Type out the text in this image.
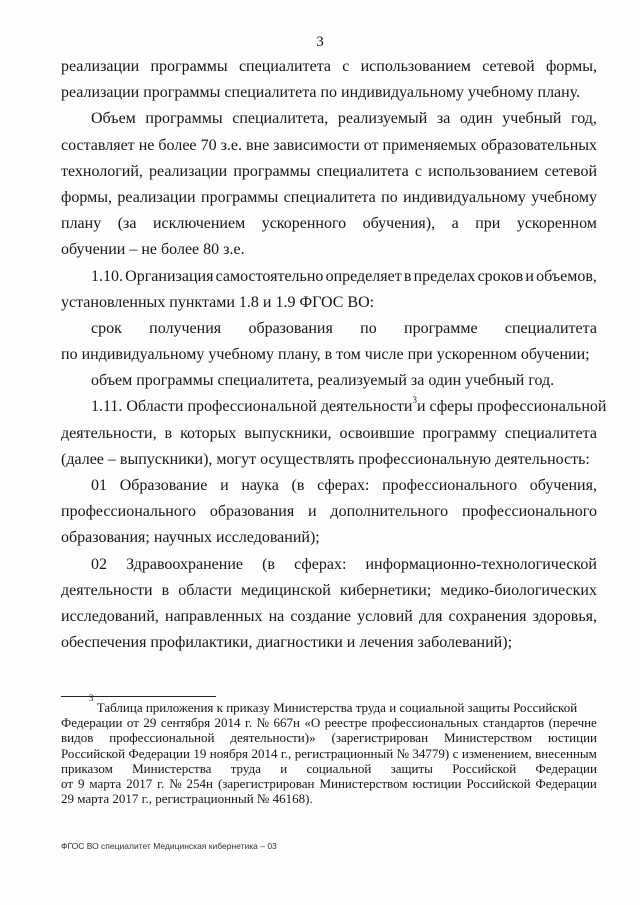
3
реализации программы специалитета с использованием сетевой формы,
реализации программы специалитета по индивидуальному учебному плану.
Объем программы специалитета, реализуемый за один учебный год,
составляет не более 70 з.е. вне зависимости от применяемых образовательных
технологий, реализации программы специалитета с использованием сетевой
формы, реализации программы специалитета по индивидуальному учебному
плану (за исключением ускоренного обучения), а при ускоренном
обучении – не более 80 з.е.
1.10. Организация самостоятельно определяет в пределах сроков и объемов,
установленных пунктами 1.8 и 1.9 ФГОС ВО:
срок получения образования по программе специалитета
по индивидуальному учебному плану, в том числе при ускоренном обучении;
объем программы специалитета, реализуемый за один учебный год.
1.11. Области профессиональной деятельности$^3$ и сферы профессиональной
деятельности, в которых выпускники, освоившие программу специалитета
(далее – выпускники), могут осуществлять профессиональную деятельность:
01 Образование и наука (в сферах: профессионального обучения,
профессионального образования и дополнительного профессионального
образования; научных исследований);
02 Здравоохранение (в сферах: информационно-технологической
деятельности в области медицинской кибернетики; медико-биологических
исследований, направленных на создание условий для сохранения здоровья,
обеспечения профилактики, диагностики и лечения заболеваний);
$^3$

Таблица приложения к приказу Министерства труда и социальной защиты Российской
Федерации от 29 сентября 2014 г. № 667н «О реестре профессиональных стандартов (перечне
видов профессиональной деятельности)» (зарегистрирован Министерством юстиции
Российской Федерации 19 ноября 2014 г., регистрационный № 34779) с изменением, внесенным
приказом Министерства труда и социальной защиты Российской Федерации
от 9 марта 2017 г. № 254н (зарегистрирован Министерством юстиции Российской Федерации
29 марта 2017 г., регистрационный № 46168).
ФГОС ВО специалитет Медицинская кибернетика – 03
